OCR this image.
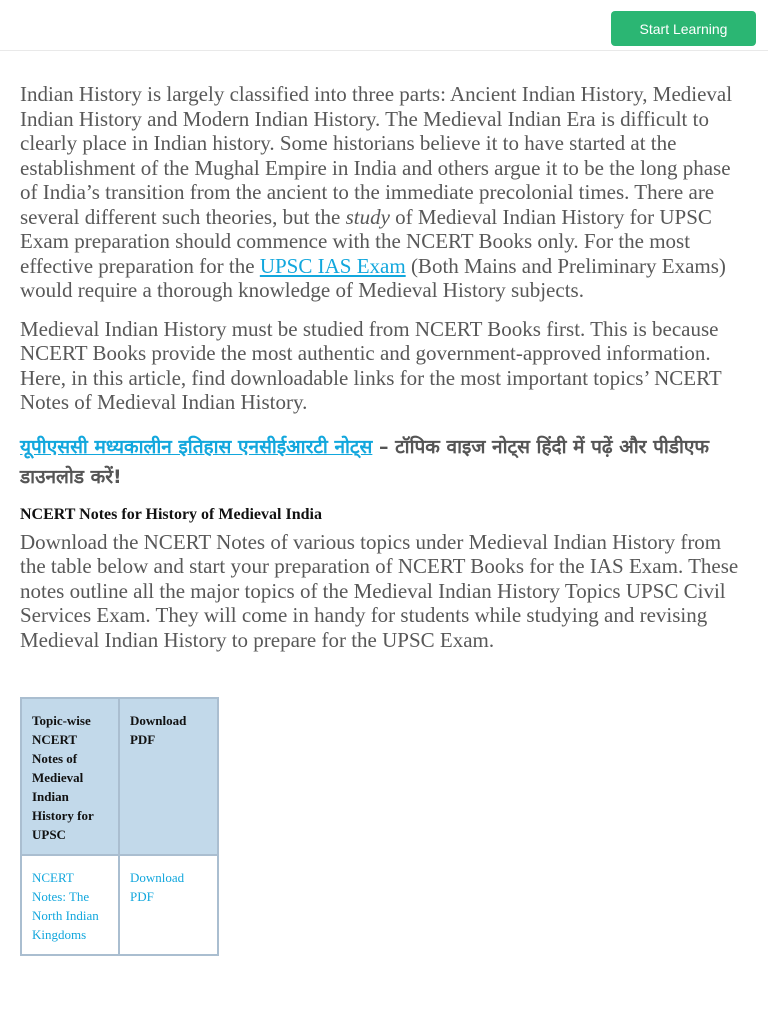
Start Learning

Indian History is largely classified into three parts: Ancient Indian History, Medieval Indian History and Modern Indian History. The Medieval Indian Era is difficult to clearly place in Indian history. Some historians believe it to have started at the establishment of the Mughal Empire in India and others argue it to be the long phase of India’s transition from the ancient to the immediate precolonial times. There are several different such theories, but the study of Medieval Indian History for UPSC Exam preparation should commence with the NCERT Books only. For the most effective preparation for the UPSC IAS Exam (Both Mains and Preliminary Exams) would require a thorough knowledge of Medieval History subjects.

Medieval Indian History must be studied from NCERT Books first. This is because NCERT Books provide the most authentic and government-approved information. Here, in this article, find downloadable links for the most important topics’ NCERT Notes of Medieval Indian History.

यूपीएससी मध्यकालीन इतिहास एनसीईआरटी नोट्स – टॉपिक वाइज नोट्स हिंदी में पढ़ें और पीडीएफ डाउनलोड करें!
NCERT Notes for History of Medieval India

Download the NCERT Notes of various topics under Medieval Indian History from the table below and start your preparation of NCERT Books for the IAS Exam. These notes outline all the major topics of the Medieval Indian History Topics UPSC Civil Services Exam. They will come in handy for students while studying and revising Medieval Indian History to prepare for the UPSC Exam.

Topic-wise NCERT Notes of Medieval Indian History for UPSC	Download PDF
NCERT Notes: The North Indian Kingdoms	Download PDF
